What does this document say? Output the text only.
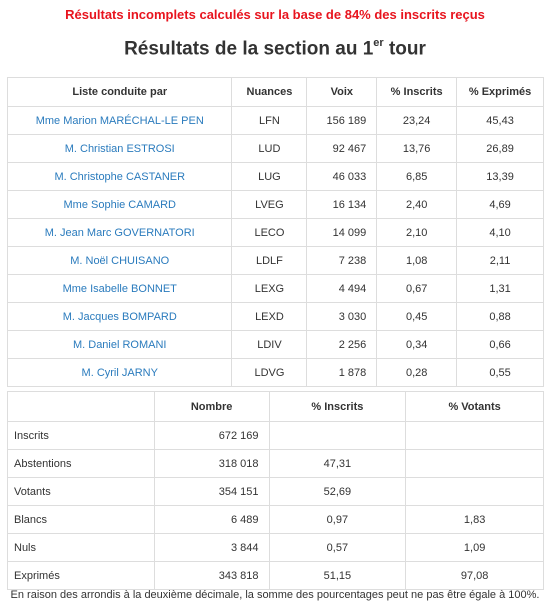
Résultats incomplets calculés sur la base de 84% des inscrits reçus
Résultats de la section au 1er tour
Liste conduite par	Nuances	Voix	% Inscrits	% Exprimés
Mme Marion MARÉCHAL-LE PEN	LFN	156 189	23,24	45,43
M. Christian ESTROSI	LUD	92 467	13,76	26,89
M. Christophe CASTANER	LUG	46 033	6,85	13,39
Mme Sophie CAMARD	LVEG	16 134	2,40	4,69
M. Jean Marc GOVERNATORI	LECO	14 099	2,10	4,10
M. Noël CHUISANO	LDLF	7 238	1,08	2,11
Mme Isabelle BONNET	LEXG	4 494	0,67	1,31
M. Jacques BOMPARD	LEXD	3 030	0,45	0,88
M. Daniel ROMANI	LDIV	2 256	0,34	0,66
M. Cyril JARNY	LDVG	1 878	0,28	0,55
	Nombre	% Inscrits	% Votants
Inscrits	672 169		
Abstentions	318 018	47,31	
Votants	354 151	52,69	
Blancs	6 489	0,97	1,83
Nuls	3 844	0,57	1,09
Exprimés	343 818	51,15	97,08
En raison des arrondis à la deuxième décimale, la somme des pourcentages peut ne pas être égale à 100%.
